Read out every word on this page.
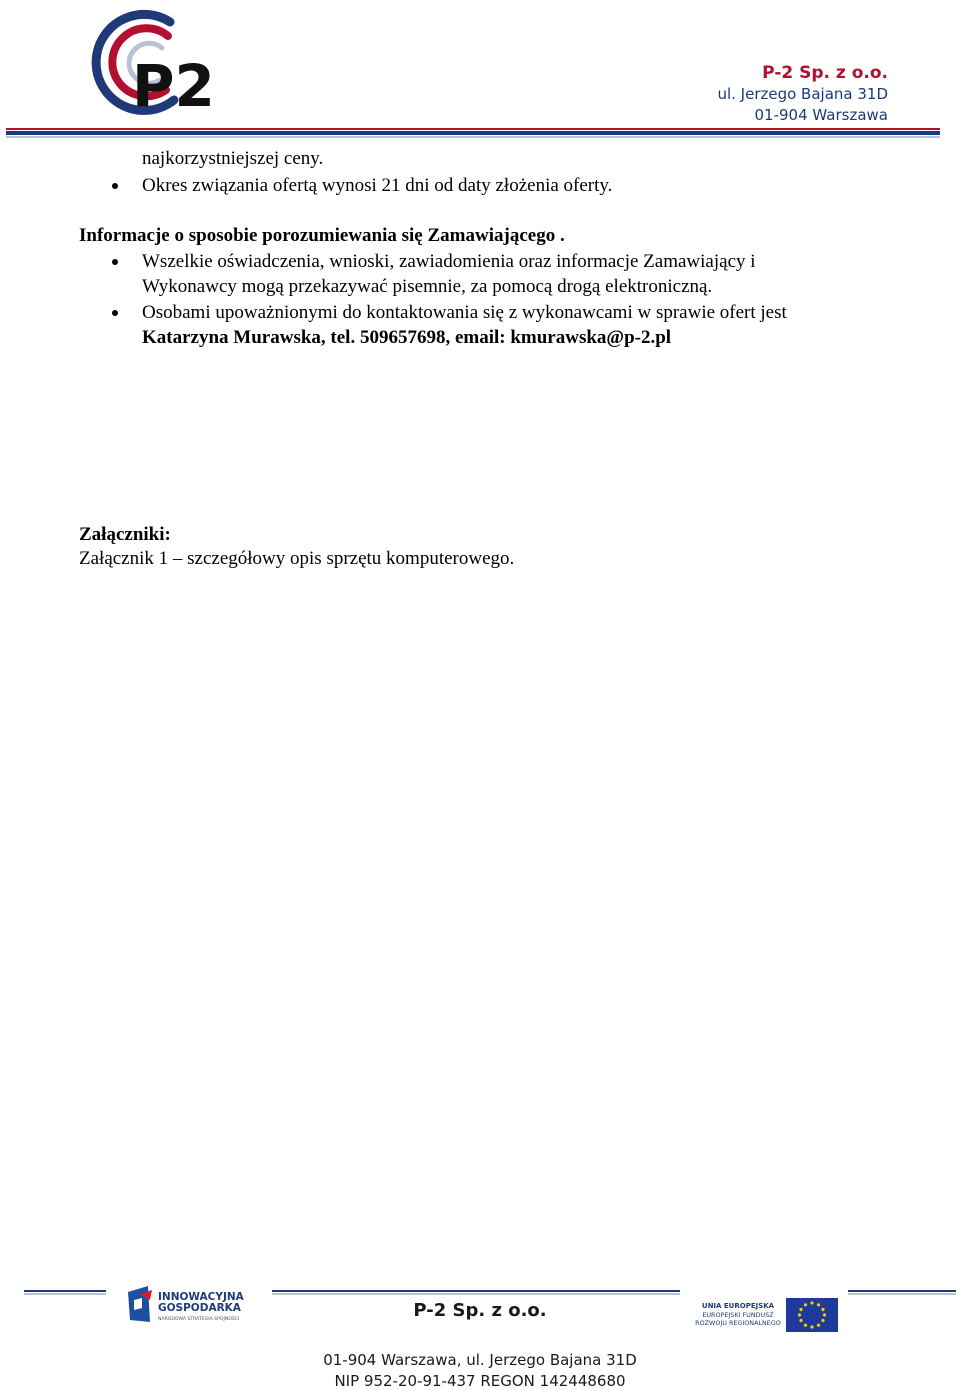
P2	P-2 Sp. z o.o.
ul. Jerzego Bajana 31D
01-904 Warszawa
najkorzystniejszej ceny.
Okres związania ofertą wynosi 21 dni od daty złożenia oferty.
Informacje o sposobie porozumiewania się Zamawiającego .
Wszelkie oświadczenia, wnioski, zawiadomienia oraz informacje Zamawiający i
Wykonawcy mogą przekazywać pisemnie, za pomocą drogą elektroniczną.
Osobami upoważnionymi do kontaktowania się z wykonawcami w sprawie ofert jest
Katarzyna Murawska, tel. 509657698, email: kmurawska@p-2.pl
Załączniki:
Załącznik 1 – szczegółowy opis sprzętu komputerowego.
INNOWACYJNA
GOSPODARKA
NARODOWA STRATEGIA SPÓJNOŚCI	P-2 Sp. z o.o.	UNIA EUROPEJSKA
EUROPEJSKI FUNDUSZ
ROZWOJU REGIONALNEGO
01-904 Warszawa, ul. Jerzego Bajana 31D
NIP 952-20-91-437 REGON 142448680
